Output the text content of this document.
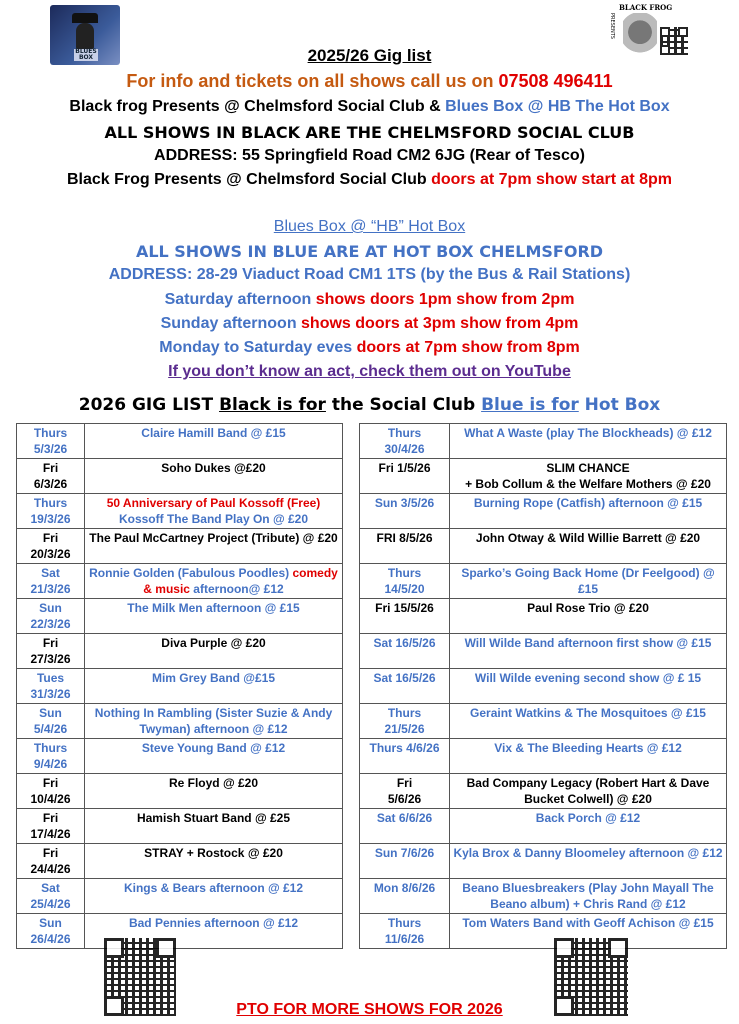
BLUES BOX
BLACK FROG
PRESENTS
2025/26 Gig list
For info and tickets on all shows call us on 07508 496411
Black frog Presents @ Chelmsford Social Club & Blues Box @ HB The Hot Box
ALL SHOWS IN BLACK ARE THE CHELMSFORD SOCIAL CLUB
ADDRESS: 55 Springfield Road CM2 6JG (Rear of Tesco)
Black Frog Presents @ Chelmsford Social Club doors at 7pm show start at 8pm
Blues Box @ “HB” Hot Box
ALL SHOWS IN BLUE ARE AT HOT BOX CHELMSFORD
ADDRESS: 28-29 Viaduct Road CM1 1TS (by the Bus & Rail Stations)
Saturday afternoon shows doors 1pm show from 2pm
Sunday afternoon shows doors at 3pm show from 4pm
Monday to Saturday eves doors at 7pm show from 8pm
If you don’t know an act, check them out on YouTube
2026 GIG LIST Black is for the Social Club Blue is for Hot Box
Thurs
5/3/26	Claire Hamill Band @ £15		Thurs
30/4/26	What A Waste (play The Blockheads) @ £12
Fri
6/3/26	Soho Dukes @£20		Fri 1/5/26	SLIM CHANCE
+ Bob Collum & the Welfare Mothers @ £20
Thurs
19/3/26	50 Anniversary of Paul Kossoff (Free)
Kossoff The Band Play On @ £20		Sun 3/5/26	Burning Rope (Catfish) afternoon @ £15
Fri
20/3/26	The Paul McCartney Project (Tribute) @ £20		FRI 8/5/26	John Otway & Wild Willie Barrett @ £20
Sat
21/3/26	Ronnie Golden (Fabulous Poodles) comedy & music afternoon@ £12		Thurs
14/5/20	Sparko’s Going Back Home (Dr Feelgood) @ £15
Sun
22/3/26	The Milk Men afternoon @ £15		Fri 15/5/26	Paul Rose Trio @ £20
Fri
27/3/26	Diva Purple @ £20		Sat 16/5/26	Will Wilde Band afternoon first show @ £15
Tues
31/3/26	Mim Grey Band @£15		Sat 16/5/26	Will Wilde evening second show @ £ 15
Sun
5/4/26	Nothing In Rambling (Sister Suzie & Andy Twyman) afternoon @ £12		Thurs
21/5/26	Geraint Watkins & The Mosquitoes @ £15
Thurs
9/4/26	Steve Young Band @ £12		Thurs 4/6/26	Vix & The Bleeding Hearts @ £12
Fri
10/4/26	Re Floyd @ £20		Fri
5/6/26	Bad Company Legacy (Robert Hart & Dave Bucket Colwell) @ £20
Fri
17/4/26	Hamish Stuart Band @ £25		Sat 6/6/26	Back Porch @ £12
Fri
24/4/26	STRAY + Rostock @ £20		Sun 7/6/26	Kyla Brox & Danny Bloomeley afternoon @ £12
Sat
25/4/26	Kings & Bears afternoon @ £12		Mon 8/6/26	Beano Bluesbreakers (Play John Mayall The Beano album) + Chris Rand @ £12
Sun
26/4/26	Bad Pennies afternoon @ £12		Thurs
11/6/26	Tom Waters Band with Geoff Achison @ £15
PTO FOR MORE SHOWS FOR 2026
